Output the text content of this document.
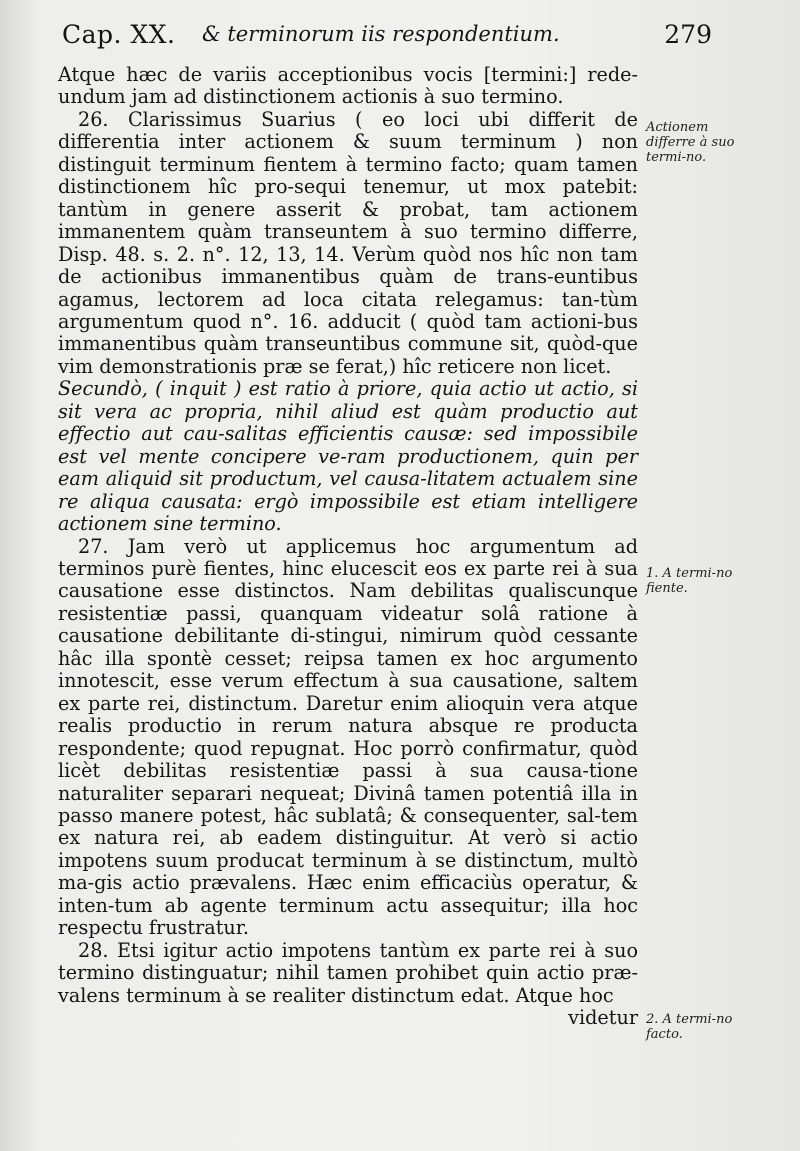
Cap. XX. & terminorum iis respondentium.	279

Atque hæc de variis acceptionibus vocis [termini:] rede-undum jam ad distinctionem actionis à suo termino.

26. Clarissimus Suarius ( eo loci ubi differit de differentia inter actionem & suum terminum ) non distinguit terminum fientem à termino facto; quam tamen distinctionem hîc pro-sequi tenemur, ut mox patebit: tantùm in genere asserit & probat, tam actionem immanentem quàm transeuntem à suo termino differre, Disp. 48. s. 2. n°. 12, 13, 14. Verùm quòd nos hîc non tam de actionibus immanentibus quàm de trans-euntibus agamus, lectorem ad loca citata relegamus: tan-tùm argumentum quod n°. 16. adducit ( quòd tam actioni-bus immanentibus quàm transeuntibus commune sit, quòd-que vim demonstrationis præ se ferat,) hîc reticere non licet.

Secundò, ( inquit ) est ratio à priore, quia actio ut actio, si sit vera ac propria, nihil aliud est quàm productio aut effectio aut cau-salitas efficientis causæ: sed impossibile est vel mente concipere ve-ram productionem, quin per eam aliquid sit productum, vel causa-litatem actualem sine re aliqua causata: ergò impossibile est etiam intelligere actionem sine termino.

27. Jam verò ut applicemus hoc argumentum ad terminos purè fientes, hinc elucescit eos ex parte rei à sua causatione esse distinctos. Nam debilitas qualiscunque resistentiæ passi, quanquam videatur solâ ratione à causatione debilitante di-stingui, nimirum quòd cessante hâc illa spontè cesset; reipsa tamen ex hoc argumento innotescit, esse verum effectum à sua causatione, saltem ex parte rei, distinctum. Daretur enim alioquin vera atque realis productio in rerum natura absque re producta respondente; quod repugnat. Hoc porrò confirmatur, quòd licèt debilitas resistentiæ passi à sua causa-tione naturaliter separari nequeat; Divinâ tamen potentiâ illa in passo manere potest, hâc sublatâ; & consequenter, sal-tem ex natura rei, ab eadem distinguitur. At verò si actio impotens suum producat terminum à se distinctum, multò ma-gis actio prævalens. Hæc enim efficaciùs operatur, & inten-tum ab agente terminum actu assequitur; illa hoc respectu frustratur.

28. Etsi igitur actio impotens tantùm ex parte rei à suo termino distinguatur; nihil tamen prohibet quin actio præ-valens terminum à se realiter distinctum edat. Atque hoc

videtur

Actionem differre à suo termi-no.
1. A termi-no fiente.
2. A termi-no facto.
